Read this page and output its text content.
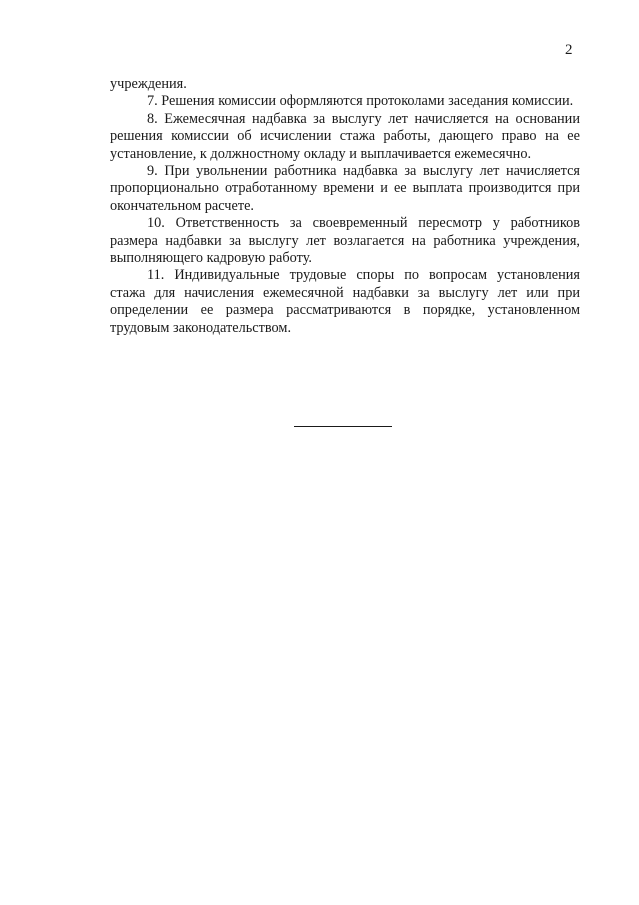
2

учреждения.

7. Решения комиссии оформляются протоколами заседания комиссии.

8. Ежемесячная надбавка за выслугу лет начисляется на основании решения комиссии об исчислении стажа работы, дающего право на ее установление, к должностному окладу и выплачивается ежемесячно.

9. При увольнении работника надбавка за выслугу лет начисляется пропорционально отработанному времени и ее выплата производится при окончательном расчете.

10. Ответственность за своевременный пересмотр у работников размера надбавки за выслугу лет возлагается на работника учреждения, выполняющего кадровую работу.

11. Индивидуальные трудовые споры по вопросам установления стажа для начисления ежемесячной надбавки за выслугу лет или при определении ее размера рассматриваются в порядке, установленном трудовым законодательством.
